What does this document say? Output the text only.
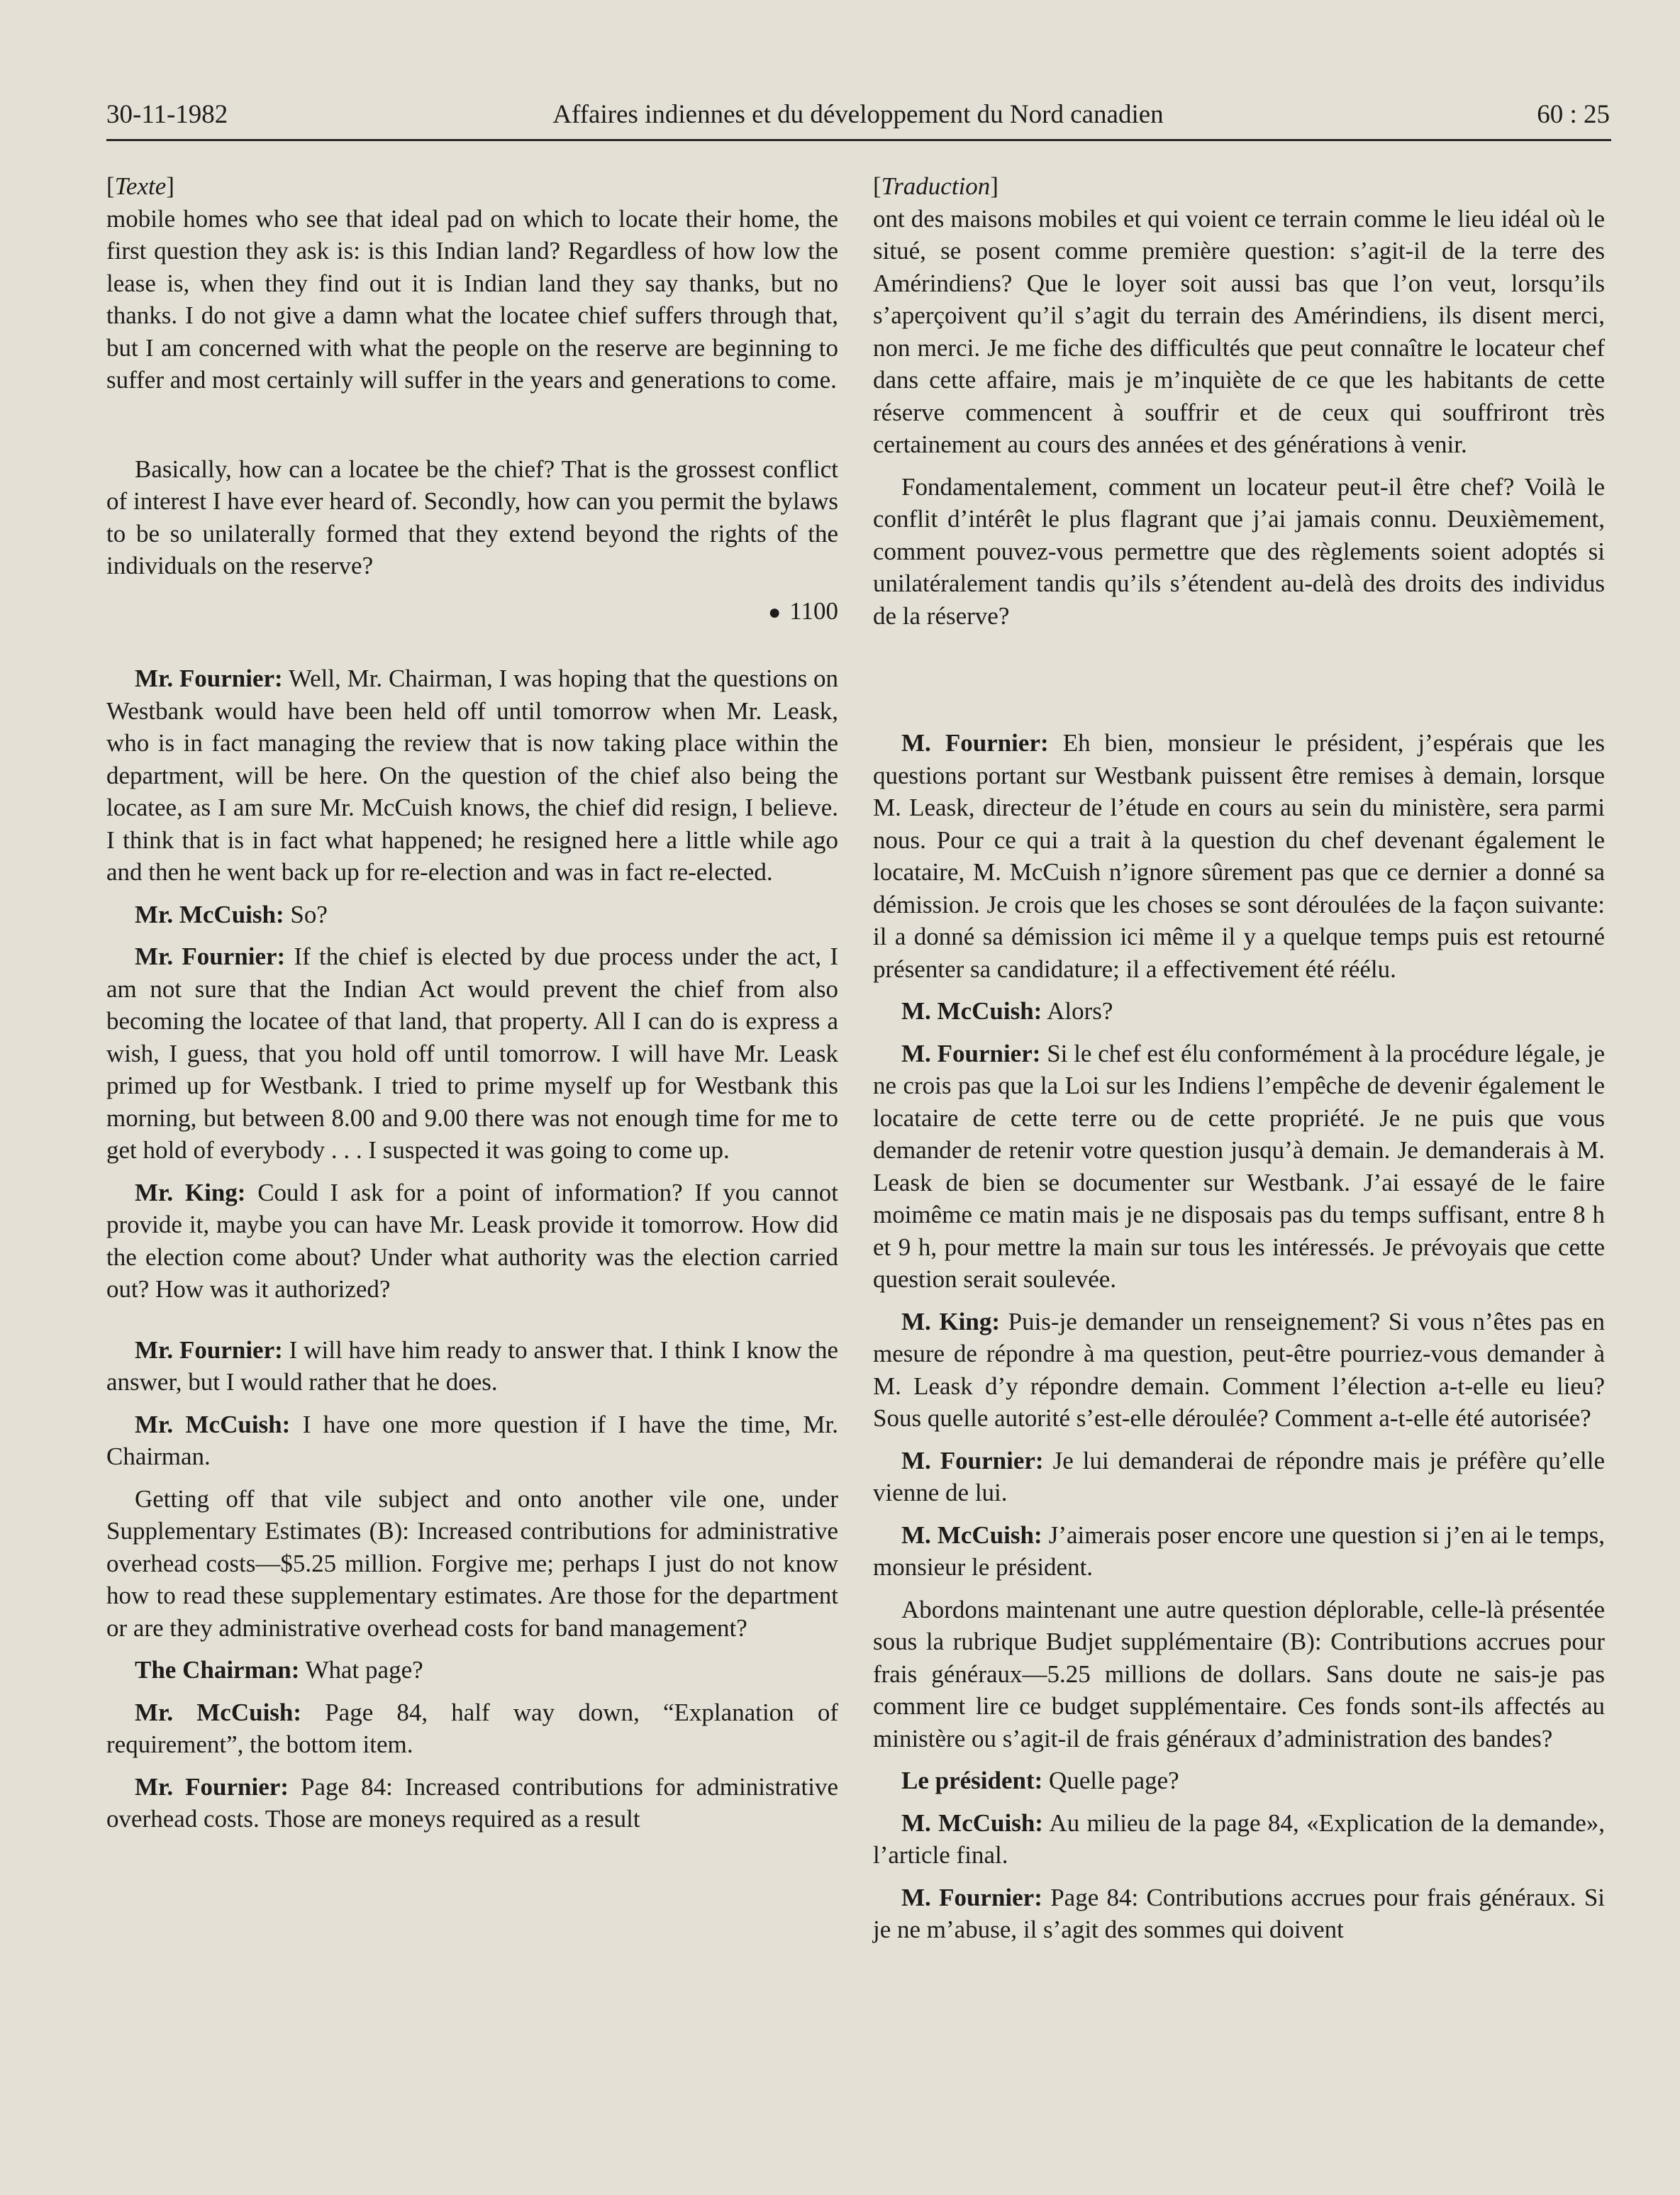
30-11-1982	Affaires indiennes et du développement du Nord canadien	60 : 25

[Texte]

mobile homes who see that ideal pad on which to locate their home, the first question they ask is: is this Indian land? Regardless of how low the lease is, when they find out it is Indian land they say thanks, but no thanks. I do not give a damn what the locatee chief suffers through that, but I am concerned with what the people on the reserve are beginning to suffer and most certainly will suffer in the years and generations to come.

Basically, how can a locatee be the chief? That is the grossest conflict of interest I have ever heard of. Secondly, how can you permit the bylaws to be so unilaterally formed that they extend beyond the rights of the individuals on the reserve?

● 1100

Mr. Fournier: Well, Mr. Chairman, I was hoping that the questions on Westbank would have been held off until tomorrow when Mr. Leask, who is in fact managing the review that is now taking place within the department, will be here. On the question of the chief also being the locatee, as I am sure Mr. McCuish knows, the chief did resign, I believe. I think that is in fact what happened; he resigned here a little while ago and then he went back up for re-election and was in fact re-elected.

Mr. McCuish: So?

Mr. Fournier: If the chief is elected by due process under the act, I am not sure that the Indian Act would prevent the chief from also becoming the locatee of that land, that property. All I can do is express a wish, I guess, that you hold off until tomorrow. I will have Mr. Leask primed up for Westbank. I tried to prime myself up for Westbank this morning, but between 8.00 and 9.00 there was not enough time for me to get hold of everybody . . . I suspected it was going to come up.

Mr. King: Could I ask for a point of information? If you cannot provide it, maybe you can have Mr. Leask provide it tomorrow. How did the election come about? Under what authority was the election carried out? How was it authorized?

Mr. Fournier: I will have him ready to answer that. I think I know the answer, but I would rather that he does.

Mr. McCuish: I have one more question if I have the time, Mr. Chairman.

Getting off that vile subject and onto another vile one, under Supplementary Estimates (B): Increased contributions for administrative overhead costs—$5.25 million. Forgive me; perhaps I just do not know how to read these supplementary estimates. Are those for the department or are they administrative overhead costs for band management?

The Chairman: What page?

Mr. McCuish: Page 84, half way down, “Explanation of requirement”, the bottom item.

Mr. Fournier: Page 84: Increased contributions for administrative overhead costs. Those are moneys required as a result

[Traduction]

ont des maisons mobiles et qui voient ce terrain comme le lieu idéal où le situé, se posent comme première question: s’agit-il de la terre des Amérindiens? Que le loyer soit aussi bas que l’on veut, lorsqu’ils s’aperçoivent qu’il s’agit du terrain des Amérindiens, ils disent merci, non merci. Je me fiche des difficultés que peut connaître le locateur chef dans cette affaire, mais je m’inquiète de ce que les habitants de cette réserve commencent à souffrir et de ceux qui souffriront très certainement au cours des années et des générations à venir.

Fondamentalement, comment un locateur peut-il être chef? Voilà le conflit d’intérêt le plus flagrant que j’ai jamais connu. Deuxièmement, comment pouvez-vous permettre que des règlements soient adoptés si unilatéralement tandis qu’ils s’étendent au-delà des droits des individus de la réserve?

M. Fournier: Eh bien, monsieur le président, j’espérais que les questions portant sur Westbank puissent être remises à demain, lorsque M. Leask, directeur de l’étude en cours au sein du ministère, sera parmi nous. Pour ce qui a trait à la question du chef devenant également le locataire, M. McCuish n’ignore sûrement pas que ce dernier a donné sa démission. Je crois que les choses se sont déroulées de la façon suivante: il a donné sa démission ici même il y a quelque temps puis est retourné présenter sa candidature; il a effectivement été réélu.

M. McCuish: Alors?

M. Fournier: Si le chef est élu conformément à la procédure légale, je ne crois pas que la Loi sur les Indiens l’empêche de devenir également le locataire de cette terre ou de cette propriété. Je ne puis que vous demander de retenir votre question jusqu’à demain. Je demanderais à M. Leask de bien se documenter sur Westbank. J’ai essayé de le faire moimême ce matin mais je ne disposais pas du temps suffisant, entre 8 h et 9 h, pour mettre la main sur tous les intéressés. Je prévoyais que cette question serait soulevée.

M. King: Puis-je demander un renseignement? Si vous n’êtes pas en mesure de répondre à ma question, peut-être pourriez-vous demander à M. Leask d’y répondre demain. Comment l’élection a-t-elle eu lieu? Sous quelle autorité s’est-elle déroulée? Comment a-t-elle été autorisée?

M. Fournier: Je lui demanderai de répondre mais je préfère qu’elle vienne de lui.

M. McCuish: J’aimerais poser encore une question si j’en ai le temps, monsieur le président.

Abordons maintenant une autre question déplorable, celle-là présentée sous la rubrique Budjet supplémentaire (B): Contributions accrues pour frais généraux—5.25 millions de dollars. Sans doute ne sais-je pas comment lire ce budget supplémentaire. Ces fonds sont-ils affectés au ministère ou s’agit-il de frais généraux d’administration des bandes?

Le président: Quelle page?

M. McCuish: Au milieu de la page 84, «Explication de la demande», l’article final.

M. Fournier: Page 84: Contributions accrues pour frais généraux. Si je ne m’abuse, il s’agit des sommes qui doivent
